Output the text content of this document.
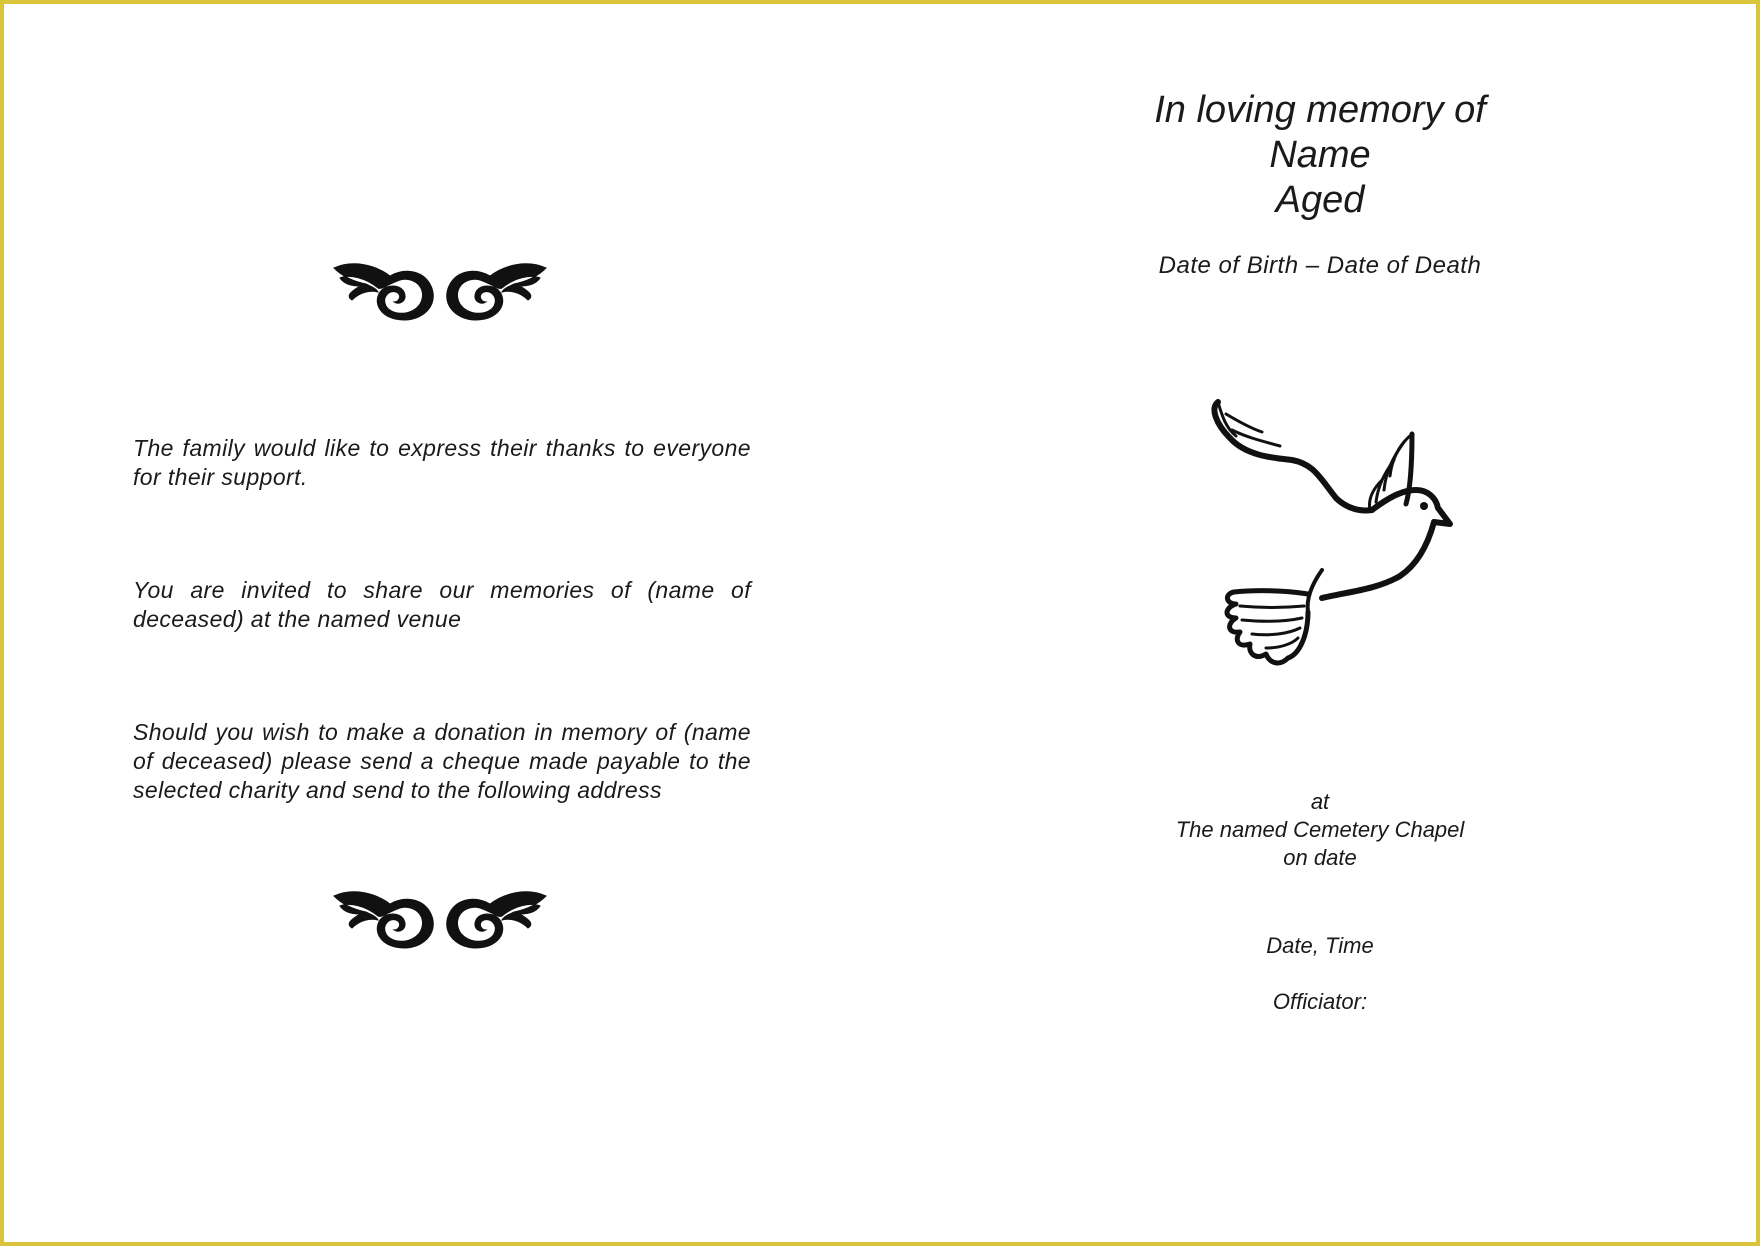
The family would like to express their thanks to everyone for their support.

You are invited to share our memories of (name of deceased) at the named venue

Should you wish to make a donation in memory of (name of deceased) please send a cheque made payable to the selected charity and send to the following address

In loving memory of
Name
Aged

Date of Birth – Date of Death

at
The named Cemetery Chapel
on date

Date, Time

Officiator:
